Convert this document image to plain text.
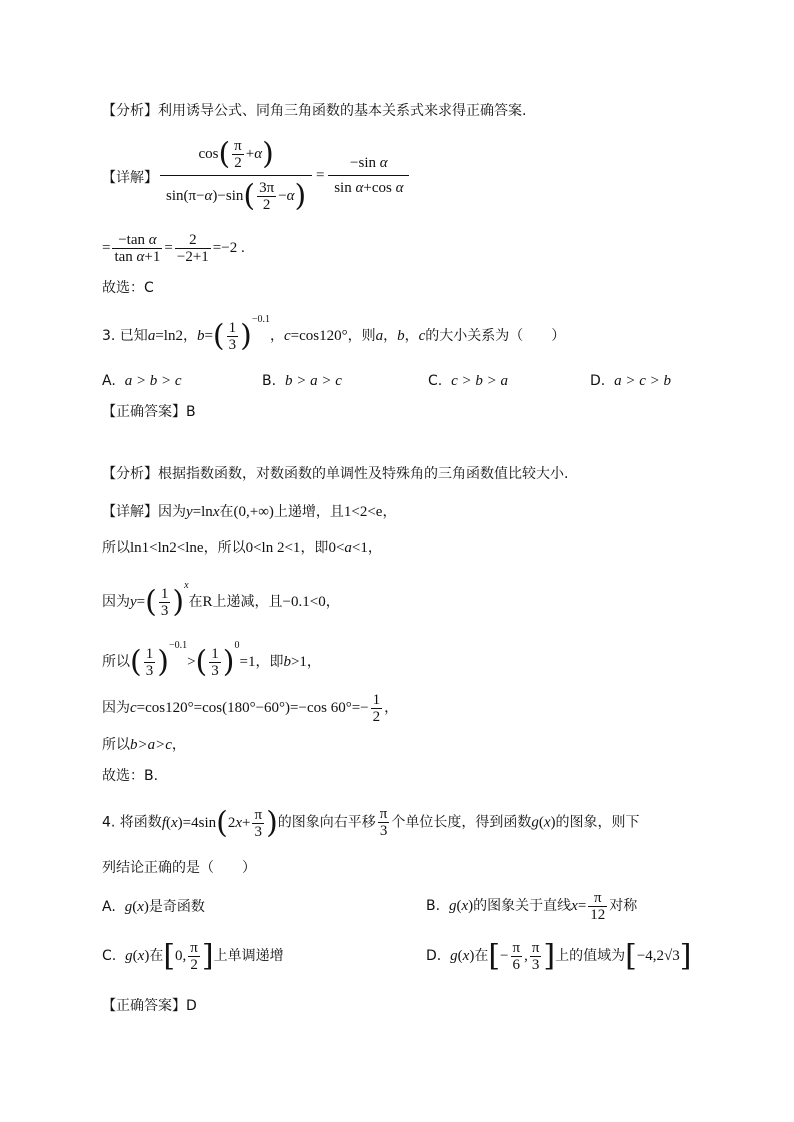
【分析】利用诱导公式、同角三角函数的基本关系式来求得正确答案.
【详解】 $\frac{\cos( \frac{\pi}{2} +\alpha)}{\sin(\pi-\alpha)-\sin( \frac{3\pi}{2} -\alpha)} = \frac{\text{−sin α}}{\text{sin α+cos α}}$
= $\frac{\text{−tan α}}{\text{tan α+1}} = \frac{2}{-2+1} =-2$ .
故选：C
3. 已知a=ln2，$b=( \frac{1}{3} )^{-0.1}$，c=cos120°，则a，b，c的大小关系为（　　）
A. a > b > c	B. b > a > c	C. c > b > a	D. a > c > b
【正确答案】B
【分析】根据指数函数，对数函数的单调性及特殊角的三角函数值比较大小.
【详解】因为y=lnx在(0,+∞)上递增，且1<2<e，
所以ln1<ln2<lne，所以0<ln 2<1，即0<a<1，
因为$y=( \frac{1}{3} )^x$在R上递减，且−0.1<0，
所以( $\frac{1}{3} )^{-0.1}>( \frac{1}{3} )^0=1$，即b>1，
因为c=cos120°=cos(180°−60°)=−cos $60^\circ=- \frac{1}{2}$ ，
所以b>a>c，
故选：B.
4. 将函数$f(x)=4\sin(2x+ \frac{\pi}{3}$ )的图象向右平移 $\frac{\pi}{3}$ 个单位长度，得到函数g(x)的图象，则下
列结论正确的是（　　）
A. g(x)是奇函数	B. g(x)的图象关于直线$x= \frac{\pi}{12}$ 对称
C. g(x)在[0, $\frac{\pi}{2}$ ]上单调递增	D. g(x)在[− $\frac{\pi}{6}$ , $\frac{\pi}{3}$ ]上的值域为[−4,2√3]
【正确答案】D
